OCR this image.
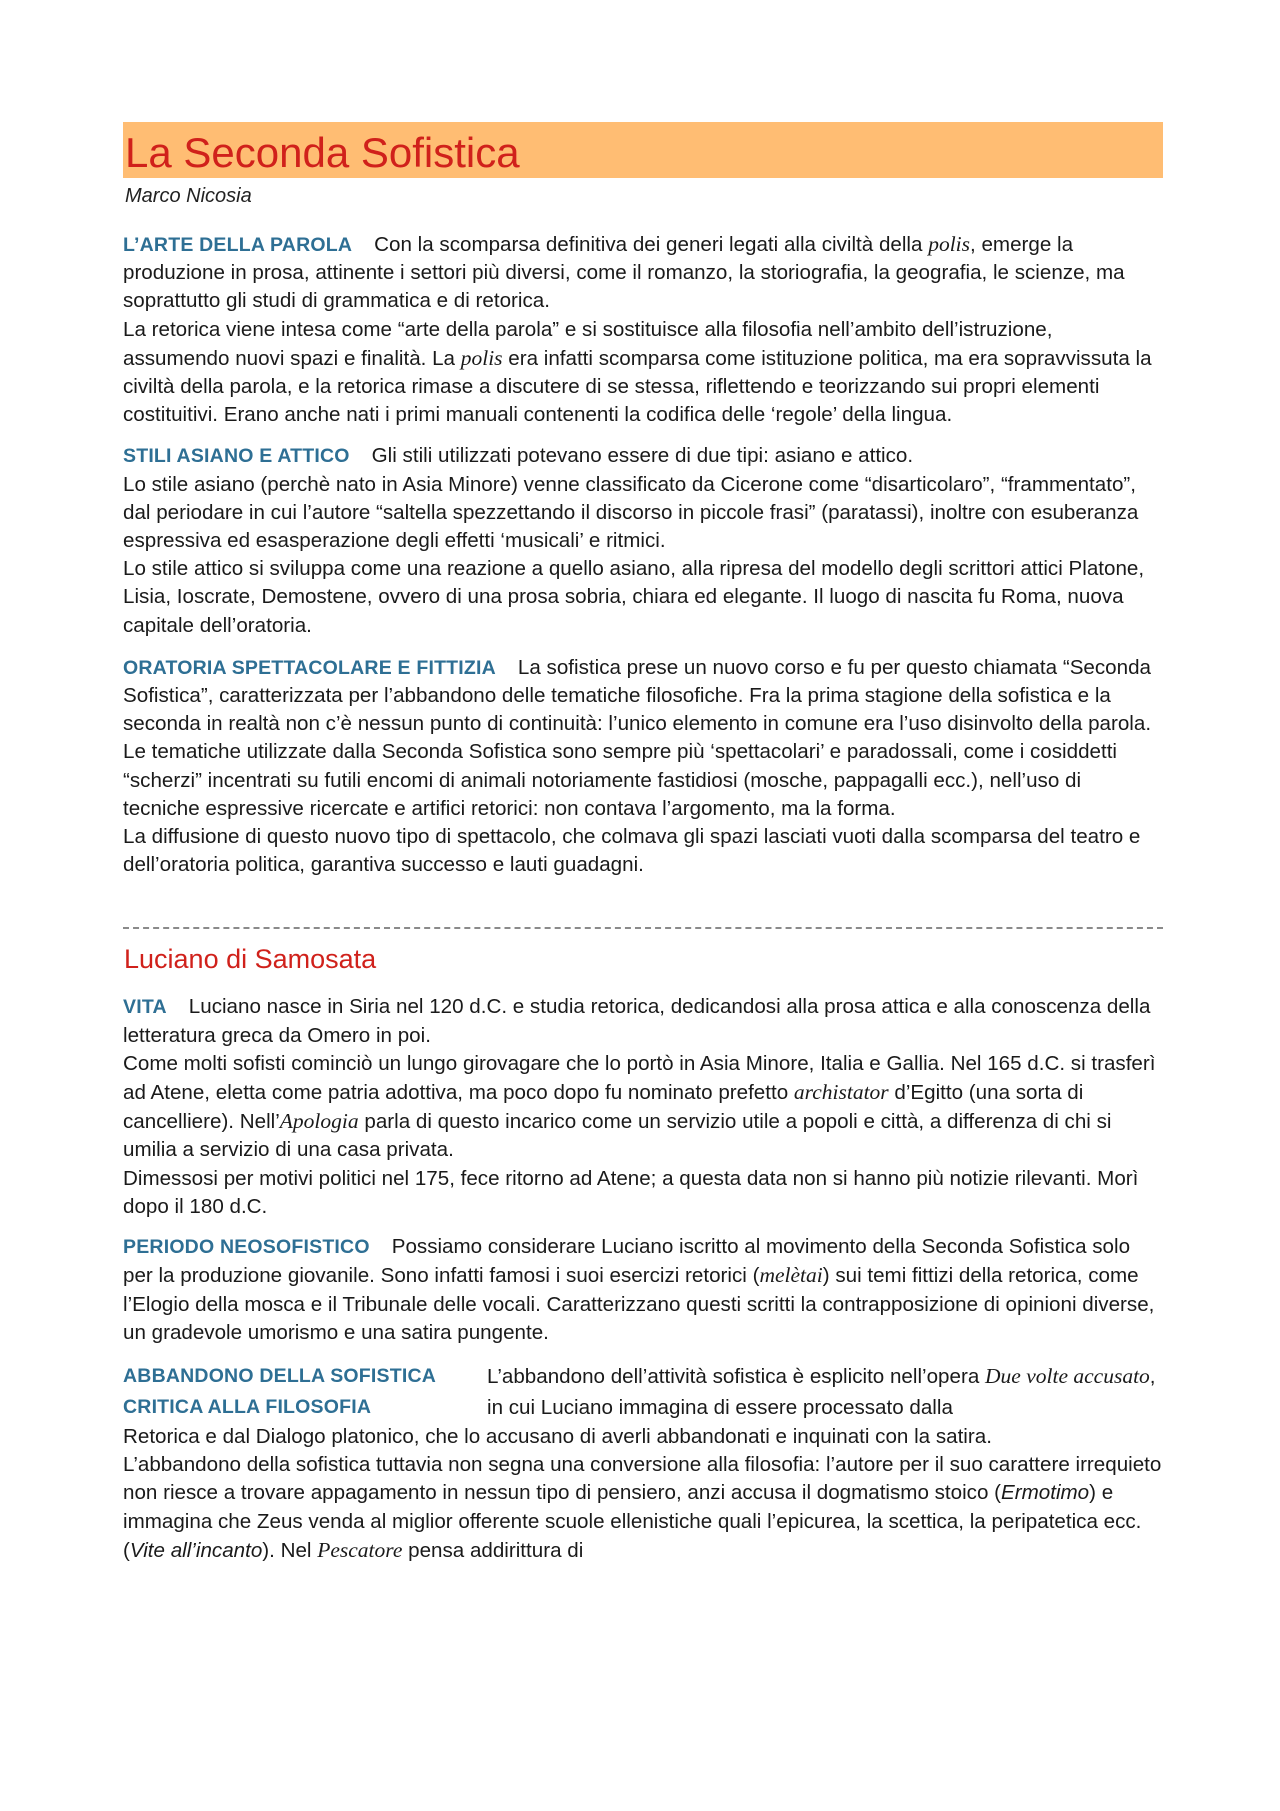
La Seconda Sofistica
Marco Nicosia

L’ARTE DELLA PAROLA Con la scomparsa definitiva dei generi legati alla civiltà della polis, emerge la produzione in prosa, attinente i settori più diversi, come il romanzo, la storiografia, la geografia, le scienze, ma soprattutto gli studi di grammatica e di retorica.

La retorica viene intesa come “arte della parola” e si sostituisce alla filosofia nell’ambito dell’istruzione, assumendo nuovi spazi e finalità. La polis era infatti scomparsa come istituzione politica, ma era sopravvissuta la civiltà della parola, e la retorica rimase a discutere di se stessa, riflettendo e teorizzando sui propri elementi costituitivi. Erano anche nati i primi manuali contenenti la codifica delle ‘regole’ della lingua.

STILI ASIANO E ATTICO Gli stili utilizzati potevano essere di due tipi: asiano e attico.

Lo stile asiano (perchè nato in Asia Minore) venne classificato da Cicerone come “disarticolaro”, “frammentato”, dal periodare in cui l’autore “saltella spezzettando il discorso in piccole frasi” (paratassi), inoltre con esuberanza espressiva ed esasperazione degli effetti ‘musicali’ e ritmici.

Lo stile attico si sviluppa come una reazione a quello asiano, alla ripresa del modello degli scrittori attici Platone, Lisia, Ioscrate, Demostene, ovvero di una prosa sobria, chiara ed elegante. Il luogo di nascita fu Roma, nuova capitale dell’oratoria.

ORATORIA SPETTACOLARE E FITTIZIA La sofistica prese un nuovo corso e fu per questo chiamata “Seconda Sofistica”, caratterizzata per l’abbandono delle tematiche filosofiche. Fra la prima stagione della sofistica e la seconda in realtà non c’è nessun punto di continuità: l’unico elemento in comune era l’uso disinvolto della parola.

Le tematiche utilizzate dalla Seconda Sofistica sono sempre più ‘spettacolari’ e paradossali, come i cosiddetti “scherzi” incentrati su futili encomi di animali notoriamente fastidiosi (mosche, pappagalli ecc.), nell’uso di tecniche espressive ricercate e artifici retorici: non contava l’argomento, ma la forma.

La diffusione di questo nuovo tipo di spettacolo, che colmava gli spazi lasciati vuoti dalla scomparsa del teatro e dell’oratoria politica, garantiva successo e lauti guadagni.

Luciano di Samosata

VITA Luciano nasce in Siria nel 120 d.C. e studia retorica, dedicandosi alla prosa attica e alla conoscenza della letteratura greca da Omero in poi.

Come molti sofisti cominciò un lungo girovagare che lo portò in Asia Minore, Italia e Gallia. Nel 165 d.C. si trasferì ad Atene, eletta come patria adottiva, ma poco dopo fu nominato prefetto archistator d’Egitto (una sorta di cancelliere). Nell’Apologia parla di questo incarico come un servizio utile a popoli e città, a differenza di chi si umilia a servizio di una casa privata.

Dimessosi per motivi politici nel 175, fece ritorno ad Atene; a questa data non si hanno più notizie rilevanti. Morì dopo il 180 d.C.

PERIODO NEOSOFISTICO Possiamo considerare Luciano iscritto al movimento della Seconda Sofistica solo per la produzione giovanile. Sono infatti famosi i suoi esercizi retorici (melètai) sui temi fittizi della retorica, come l’Elogio della mosca e il Tribunale delle vocali. Caratterizzano questi scritti la contrapposizione di opinioni diverse, un gradevole umorismo e una satira pungente.

ABBANDONO DELLA SOFISTICA
CRITICA ALLA FILOSOFIA
L’abbandono dell’attività sofistica è esplicito nell’opera Due volte accusato, in cui Luciano immagina di essere processato dalla

Retorica e dal Dialogo platonico, che lo accusano di averli abbandonati e inquinati con la satira.

L’abbandono della sofistica tuttavia non segna una conversione alla filosofia: l’autore per il suo carattere irrequieto non riesce a trovare appagamento in nessun tipo di pensiero, anzi accusa il dogmatismo stoico (Ermotimo) e immagina che Zeus venda al miglior offerente scuole ellenistiche quali l’epicurea, la scettica, la peripatetica ecc. (Vite all’incanto). Nel Pescatore pensa addirittura di
